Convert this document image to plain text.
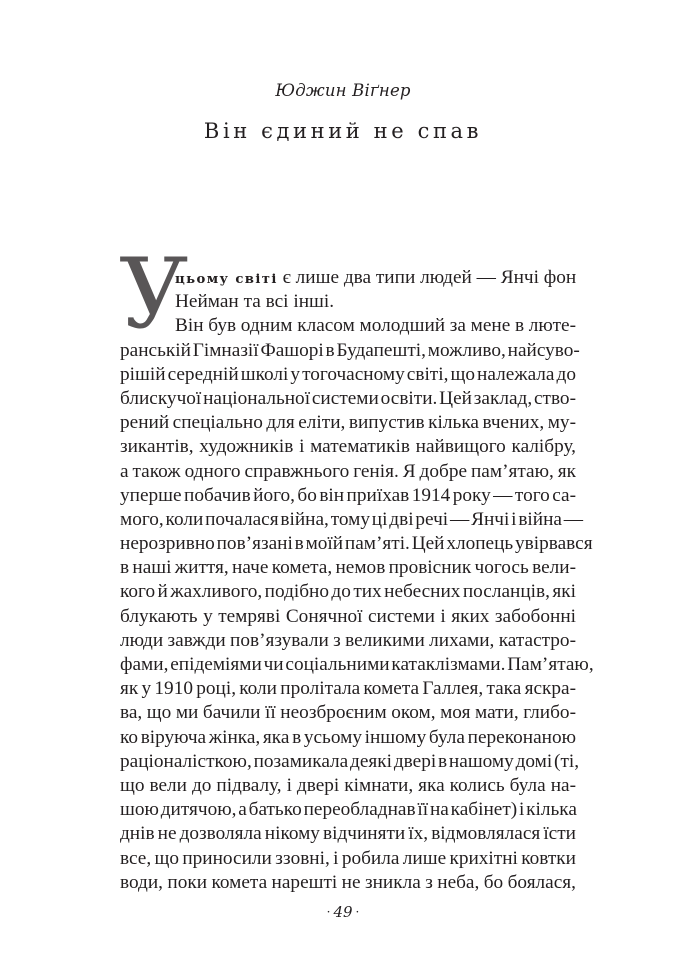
Юджин Віґнер
Він єдиний не спав
У
цьому світі є лише два типи людей — Янчі фон
Нейман та всі інші.
Він був одним класом молодший за мене в люте-
ранській Гімназії Фашорі в Будапешті, можливо, найсуво-
рішій середній школі у тогочасному світі, що належала до
блискучої національної системи освіти. Цей заклад, ство-
рений спеціально для еліти, випустив кілька вчених, му-
зикантів, художників і математиків найвищого калібру,
а також одного справжнього генія. Я добре пам’ятаю, як
уперше побачив його, бо він приїхав 1914 року — того са-
мого, коли почалася війна, тому ці дві речі — Янчі і війна —
нерозривно пов’язані в моїй пам’яті. Цей хлопець увірвався
в наші життя, наче комета, немов провісник чогось вели-
кого й жахливого, подібно до тих небесних посланців, які
блукають у темряві Сонячної системи і яких забобонні
люди завжди пов’язували з великими лихами, катастро-
фами, епідеміями чи соціальними катаклізмами. Пам’ятаю,
як у 1910 році, коли пролітала комета Галлея, така яскра-
ва, що ми бачили її неозброєним оком, моя мати, глибо-
ко віруюча жінка, яка в усьому іншому була переконаною
раціоналісткою, позамикала деякі двері в нашому домі (ті,
що вели до підвалу, і двері кімнати, яка колись була на-
шою дитячою, а батько переобладнав її на кабінет) і кілька
днів не дозволяла нікому відчиняти їх, відмовлялася їсти
все, що приносили ззовні, і робила лише крихітні ковтки
води, поки комета нарешті не зникла з неба, бо боялася,
· 49 ·
